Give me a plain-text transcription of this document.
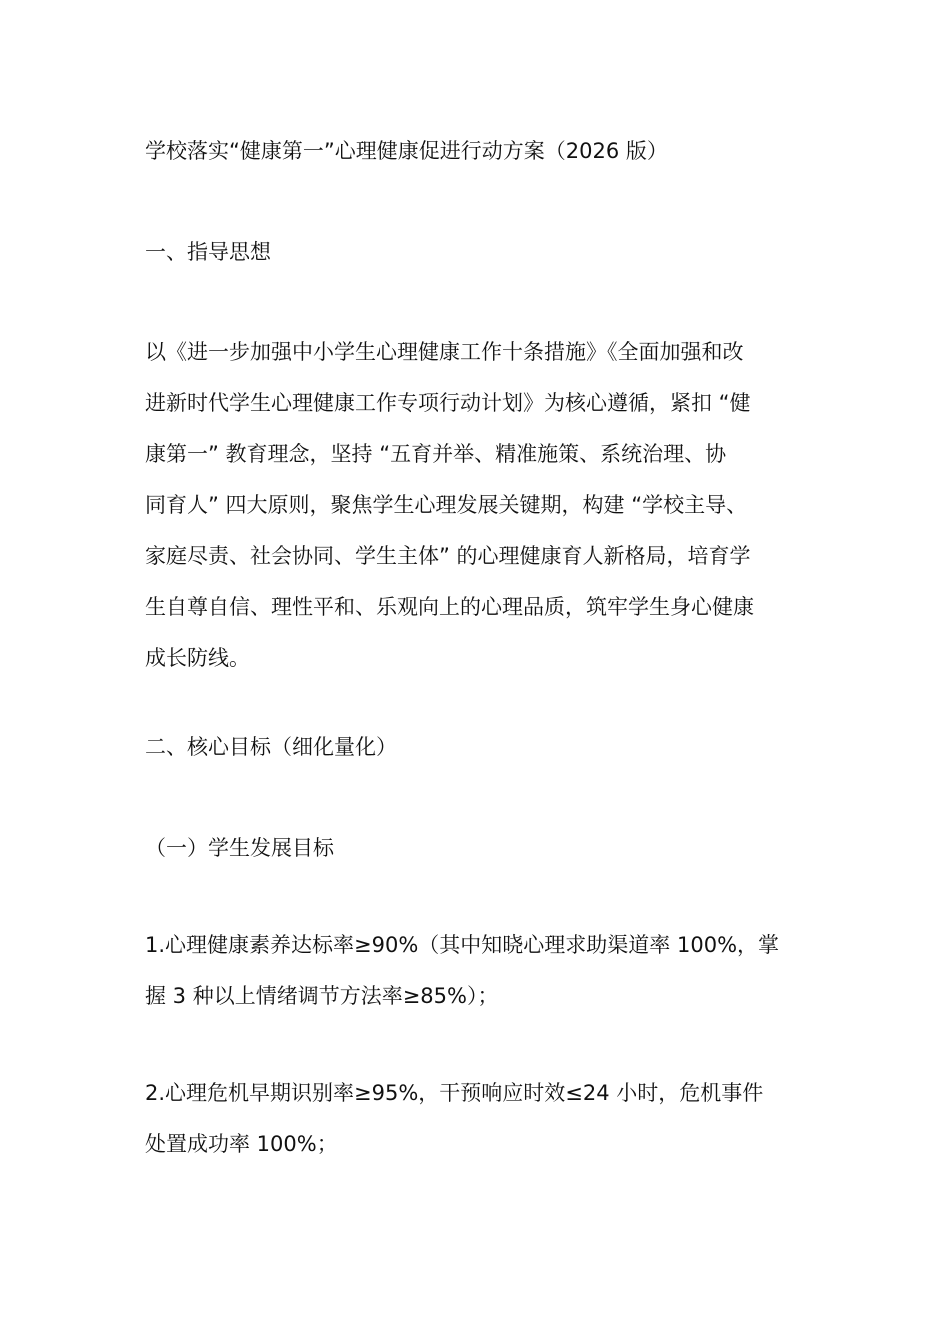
学校落实“健康第一”心理健康促进行动方案（2026 版）

一、指导思想

以《进一步加强中小学生心理健康工作十条措施》《全面加强和改
进新时代学生心理健康工作专项行动计划》为核心遵循，紧扣 “健
康第一” 教育理念，坚持 “五育并举、精准施策、系统治理、协
同育人” 四大原则，聚焦学生心理发展关键期，构建 “学校主导、
家庭尽责、社会协同、学生主体” 的心理健康育人新格局，培育学
生自尊自信、理性平和、乐观向上的心理品质，筑牢学生身心健康
成长防线。

二、核心目标（细化量化）

（一）学生发展目标

1.心理健康素养达标率≥90%（其中知晓心理求助渠道率 100%，掌
握 3 种以上情绪调节方法率≥85%）；
2.心理危机早期识别率≥95%，干预响应时效≤24 小时，危机事件
处置成功率 100%；
